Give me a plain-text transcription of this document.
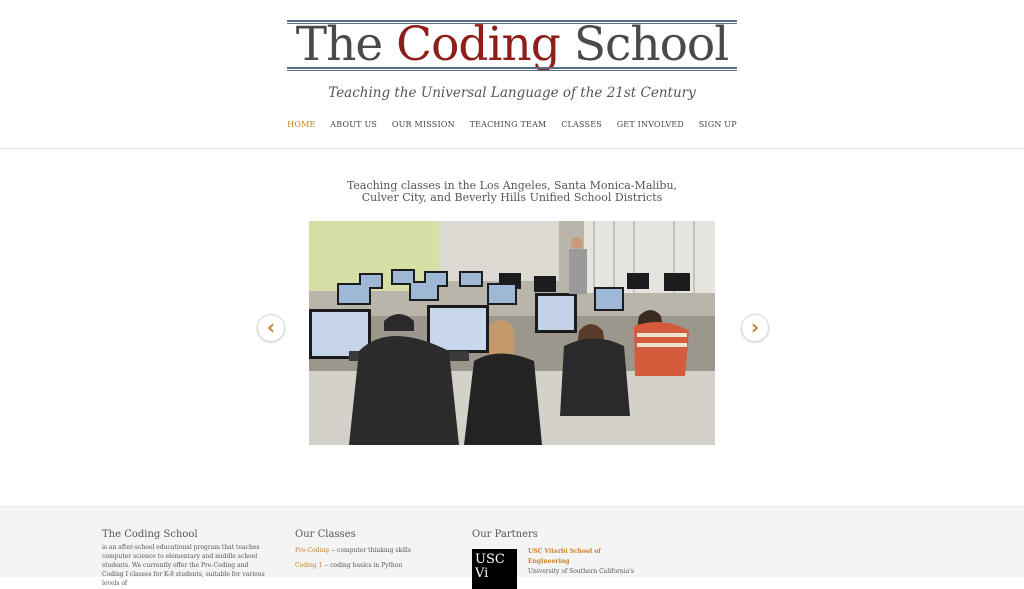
The Coding School
Teaching the Universal Language of the 21st Century
HOME ABOUT US OUR MISSION TEACHING TEAM CLASSES GET INVOLVED SIGN UP
Teaching classes in the Los Angeles, Santa Monica-Malibu,
Culver City, and Beverly Hills Unified School Districts
‹	›
The Coding School
is an after-school educational program that teaches computer science to elementary and middle school students. We currently offer the Pre-Coding and Coding I classes for K-8 students, suitable for various levels of
Our Classes
Pre-Coding -- computer thinking skills
Coding 1 -- coding basics in Python
Our Partners
USC Vi
USC Viterbi School of Engineering
University of Southern California's
